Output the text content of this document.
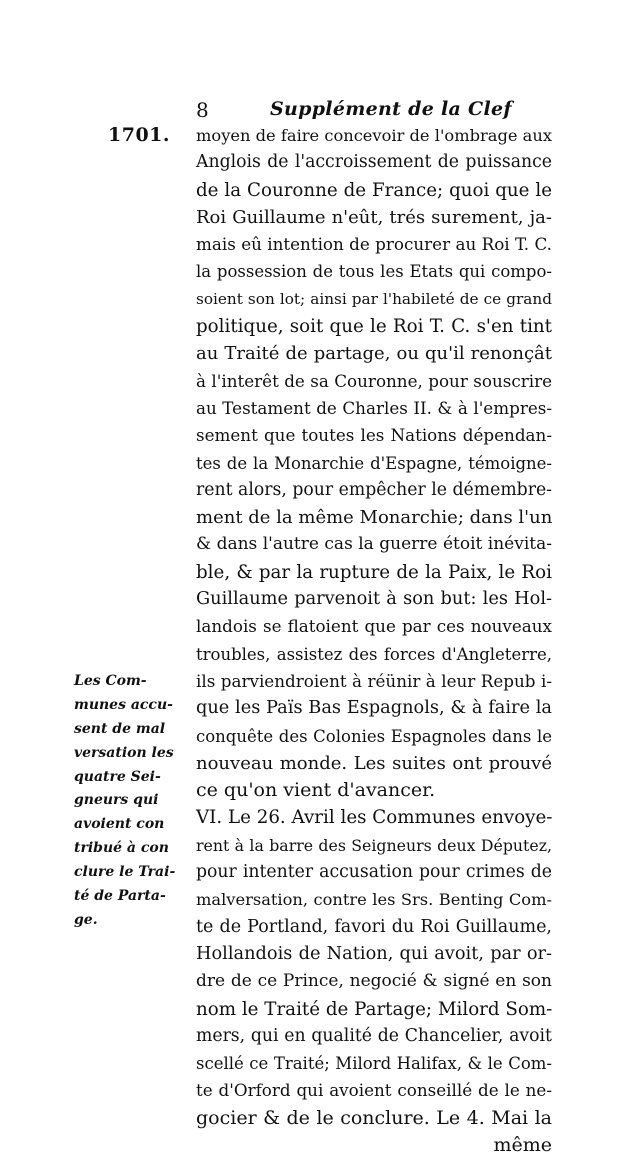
8	Supplément de la Clef
1701. moyen de faire concevoir de l'ombrage aux
Anglois de l'accroissement de puissance
de la Couronne de France; quoi que le
Roi Guillaume n'eût, trés surement, ja-
mais eû intention de procurer au Roi T. C.
la possession de tous les Etats qui compo-
soient son lot; ainsi par l'habileté de ce grand
politique, soit que le Roi T. C. s'en tint
au Traité de partage, ou qu'il renonçât
à l'interêt de sa Couronne, pour souscrire
au Testament de Charles II. & à l'empres-
sement que toutes les Nations dépendan-
tes de la Monarchie d'Espagne, témoigne-
rent alors, pour empêcher le démembre-
ment de la même Monarchie; dans l'un
& dans l'autre cas la guerre étoit inévita-
ble, & par la rupture de la Paix, le Roi
Guillaume parvenoit à son but: les Hol-
landois se flatoient que par ces nouveaux
troubles, assistez des forces d'Angleterre,
ils parviendroient à réünir à leur Repub i-
que les Païs Bas Espagnols, & à faire la
conquête des Colonies Espagnoles dans le
nouveau monde. Les suites ont prouvé
ce qu'on vient d'avancer.
VI. Le 26. Avril les Communes envoye-
rent à la barre des Seigneurs deux Députez,
pour intenter accusation pour crimes de
malversation, contre les Srs. Benting Com-
te de Portland, favori du Roi Guillaume,
Hollandois de Nation, qui avoit, par or-
dre de ce Prince, negocié & signé en son
nom le Traité de Partage; Milord Som-
mers, qui en qualité de Chancelier, avoit
scellé ce Traité; Milord Halifax, & le Com-
te d'Orford qui avoient conseillé de le ne-
gocier & de le conclure. Le 4. Mai la
même
Les Com-
munes accu-
sent de mal
versation les
quatre Sei-
gneurs qui
avoient con
tribué à con
clure le Trai-
té de Parta-
ge.
